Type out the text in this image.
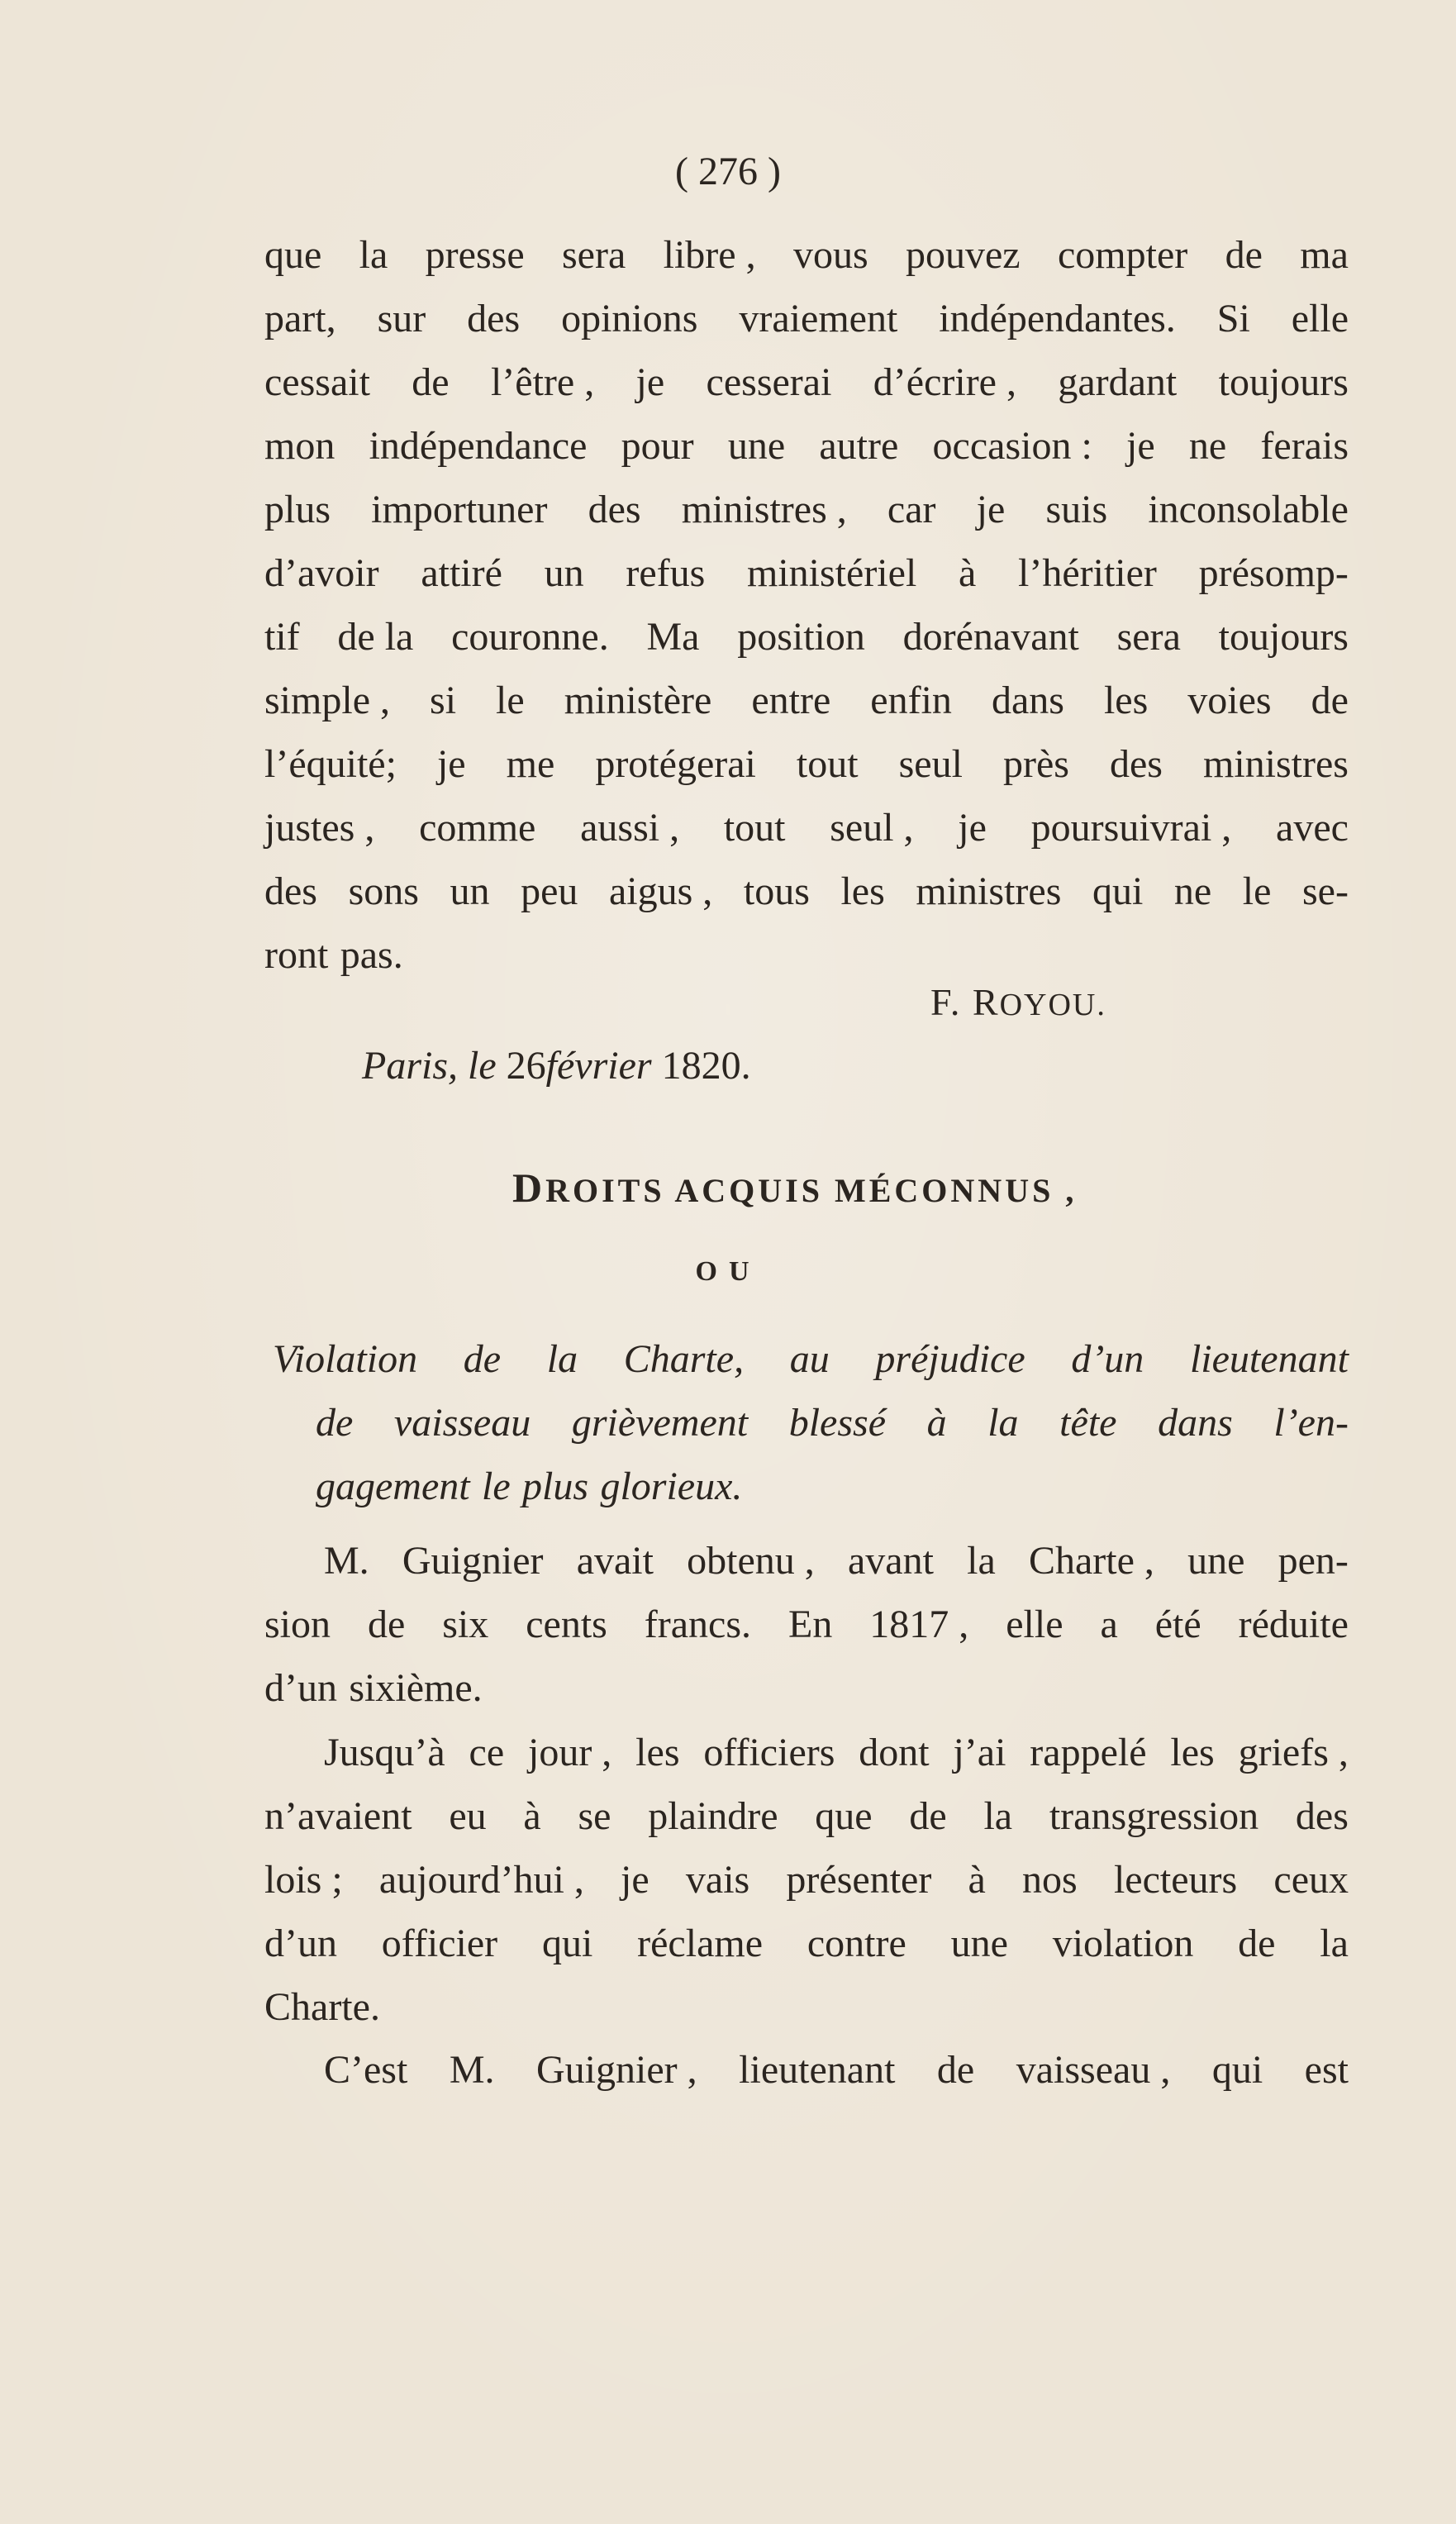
( 276 )
que la presse sera libre , vous pouvez compter de ma
part, sur des opinions vraiement indépendantes. Si elle
cessait de l’être , je cesserai d’écrire , gardant toujours
mon indépendance pour une autre occasion : je ne ferais
plus importuner des ministres , car je suis inconsolable
d’avoir attiré un refus ministériel à l’héritier présomp-
tif de la couronne. Ma position dorénavant sera toujours
simple , si le ministère entre enfin dans les voies de
l’équité; je me protégerai tout seul près des ministres
justes , comme aussi , tout seul , je poursuivrai , avec
des sons un peu aigus , tous les ministres qui ne le se-
ront pas.
F. ROYOU.
Paris, le 26février 1820.
DROITS ACQUIS MÉCONNUS ,
OU
Violation de la Charte, au préjudice d’un lieutenant
de vaisseau grièvement blessé à la tête dans l’en-
gagement le plus glorieux.
M. Guignier avait obtenu , avant la Charte , une pen-
sion de six cents francs. En 1817 , elle a été réduite
d’un sixième.
Jusqu’à ce jour , les officiers dont j’ai rappelé les griefs ,
n’avaient eu à se plaindre que de la transgression des
lois ; aujourd’hui , je vais présenter à nos lecteurs ceux
d’un officier qui réclame contre une violation de la
Charte.
C’est M. Guignier , lieutenant de vaisseau , qui est
